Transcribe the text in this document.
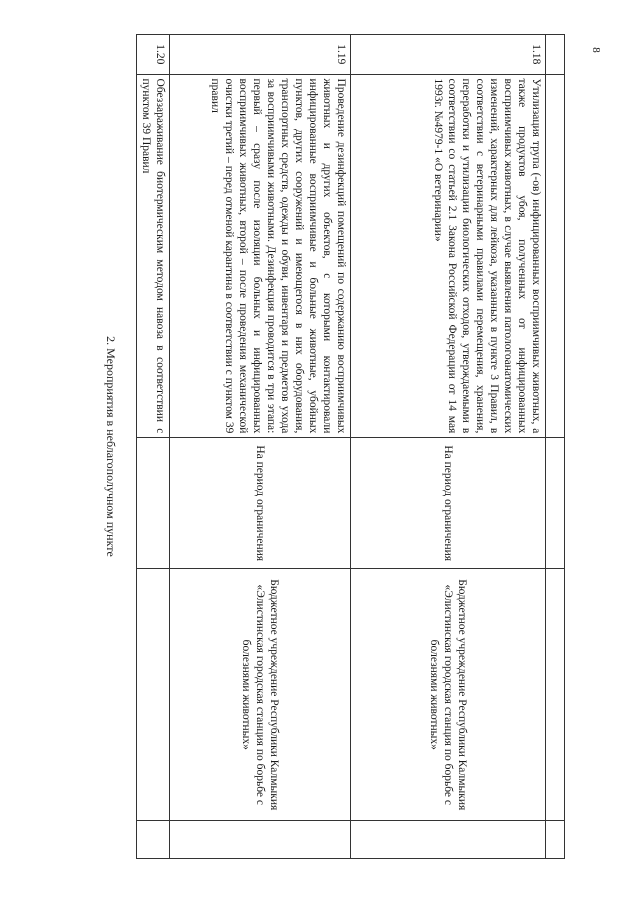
8

1.18	Утилизация трупа (-ов) инфицированных восприимчивых животных, а также продуктов убоя, полученных от инфицированных восприимчивых животных, в случае выявления патологоанатомических изменений, характерных для лейкоза, указанных в пункте 3 Правил, в соответствии с ветеринарными правилами перемещения, хранения, переработки и утилизации биологических отходов, утверждаемыми в соответствии со статьей 2.1 Закона Российской Федерации от 14 мая 1993г. №4979-1 «О ветеринарии»	На период ограничения	Бюджетное учреждение Республики Калмыкия «Элистинская городская станция по борьбе с болезнями животных»	
1.19	Проведение дезинфекций помещений по содержанию восприимчивых животных и других объектов, с которыми контактировали инфицированные восприимчивые и больные животные, убойных пунктов, других сооружений и имеющегося в них оборудования, транспортных средств, одежды и обуви, инвентаря и предметов ухода за восприимчивыми животными. Дезинфекция проводится в три этапа: первый – сразу после изоляции больных и инфицированных восприимчивых животных, второй – после проведения механической очистки третий – перед отменой карантина в соответствии с пунктом 39 правил	На период ограничения	Бюджетное учреждение Республики Калмыкия «Элистинская городская станция по борьбе с болезнями животных»	
1.20	Обеззараживание биотермическим методом навоза в соответствии с пунктом 39 Правил			
2. Мероприятия в неблагополучном пункте
